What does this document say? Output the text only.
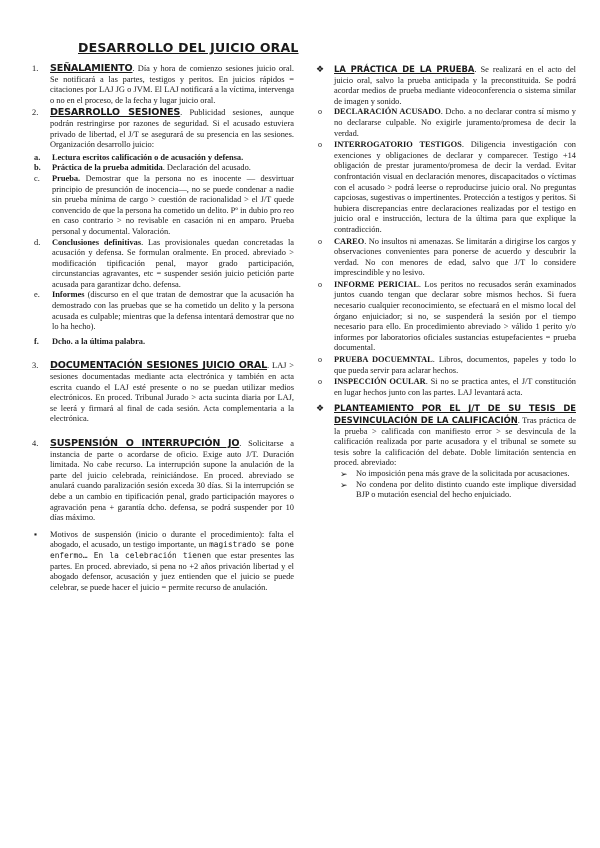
DESARROLLO DEL JUICIO ORAL
1. SEÑALAMIENTO. Día y hora de comienzo sesiones juicio oral. Se notificará a las partes, testigos y peritos. En juicios rápidos = citaciones por LAJ JG o JVM. El LAJ notificará a la víctima, intervenga o no en el proceso, de la fecha y lugar juicio oral.
2. DESARROLLO SESIONES. Publicidad sesiones, aunque podrán restringirse por razones de seguridad. Si el acusado estuviera privado de libertad, el J/T se asegurará de su presencia en las sesiones. Organización desarrollo juicio:
a. Lectura escritos calificación o de acusación y defensa.
b. Práctica de la prueba admitida. Declaración del acusado.
c. Prueba. Demostrar que la persona no es inocente — desvirtuar principio de presunción de inocencia—, no se puede condenar a nadie sin prueba mínima de cargo > cuestión de racionalidad > el J/T quede convencido de que la persona ha cometido un delito. Pº in dubio pro reo en caso contrario > no revisable en casación ni en amparo. Prueba personal y documental. Valoración.
d. Conclusiones definitivas. Las provisionales quedan concretadas la acusación y defensa. Se formulan oralmente. En proced. abreviado > modificación tipificación penal, mayor grado participación, circunstancias agravantes, etc = suspender sesión juicio petición parte acusada para garantizar dcho. defensa.
e. Informes (discurso en el que tratan de demostrar que la acusación ha demostrado con las pruebas que se ha cometido un delito y la persona acusada es culpable; mientras que la defensa intentará demostrar que no lo ha hecho).
f. Dcho. a la última palabra.
3. DOCUMENTACIÓN SESIONES JUICIO ORAL. LAJ > sesiones documentadas mediante acta electrónica y también en acta escrita cuando el LAJ esté presente o no se puedan utilizar medios electrónicos. En proced. Tribunal Jurado > acta sucinta diaria por LAJ, se leerá y firmará al final de cada sesión. Acta complementaria a la electrónica.
4. SUSPENSIÓN O INTERRUPCIÓN JO. Solicitarse a instancia de parte o acordarse de oficio. Exige auto J/T. Duración limitada. No cabe recurso. La interrupción supone la anulación de la parte del juicio celebrada, reiniciándose. En proced. abreviado se anulará cuando paralización sesión exceda 30 días. Si la interrupción se debe a un cambio en tipificación penal, grado participación mayores o agravación pena + garantía dcho. defensa, se podrá suspender por 10 días máximo.
▪ Motivos de suspensión (inicio o durante el procedimiento): falta el abogado, el acusado, un testigo importante, un magistrado se pone enfermo… En la celebración tienen que estar presentes las partes. En proced. abreviado, si pena no +2 años privación libertad y el abogado defensor, acusación y juez entienden que el juicio se puede celebrar, se puede hacer el juicio = permite recurso de anulación.
❖ LA PRÁCTICA DE LA PRUEBA. Se realizará en el acto del juicio oral, salvo la prueba anticipada y la preconstituida. Se podrá acordar medios de prueba mediante videoconferencia o sistema similar de imagen y sonido.
o DECLARACIÓN ACUSADO. Dcho. a no declarar contra sí mismo y no declararse culpable. No exigirle juramento/promesa de decir la verdad.
o INTERROGATORIO TESTIGOS. Diligencia investigación con exenciones y obligaciones de declarar y comparecer. Testigo +14 obligación de prestar juramento/promesa de decir la verdad. Evitar confrontación visual en declaración menores, discapacitados o víctimas con el acusado > podrá leerse o reproducirse juicio oral. No preguntas capciosas, sugestivas o impertinentes. Protección a testigos y peritos. Si hubiera discrepancias entre declaraciones realizadas por el testigo en juicio oral e instrucción, lectura de la última para que explique la contradicción.
o CAREO. No insultos ni amenazas. Se limitarán a dirigirse los cargos y observaciones convenientes para ponerse de acuerdo y descubrir la verdad. No con menores de edad, salvo que J/T lo considere imprescindible y no lesivo.
o INFORME PERICIAL. Los peritos no recusados serán examinados juntos cuando tengan que declarar sobre mismos hechos. Si fuera necesario cualquier reconocimiento, se efectuará en el mismo local del órgano enjuiciador; si no, se suspenderá la sesión por el tiempo necesario para ello. En procedimiento abreviado > válido 1 perito y/o informes por laboratorios oficiales sustancias estupefacientes = prueba documental.
o PRUEBA DOCUEMNTAL. Libros, documentos, papeles y todo lo que pueda servir para aclarar hechos.
o INSPECCIÓN OCULAR. Si no se practica antes, el J/T constitución en lugar hechos junto con las partes. LAJ levantará acta.
❖ PLANTEAMIENTO POR EL J/T DE SU TESIS DE DESVINCULACIÓN DE LA CALIFICACIÓN. Tras práctica de la prueba > calificada con manifiesto error > se desvincula de la calificación realizada por parte acusadora y el tribunal se somete su tesis sobre la calificación del debate. Doble limitación sentencia en proced. abreviado:
➢ No imposición pena más grave de la solicitada por acusaciones.
➢ No condena por delito distinto cuando este implique diversidad BJP o mutación esencial del hecho enjuiciado.
